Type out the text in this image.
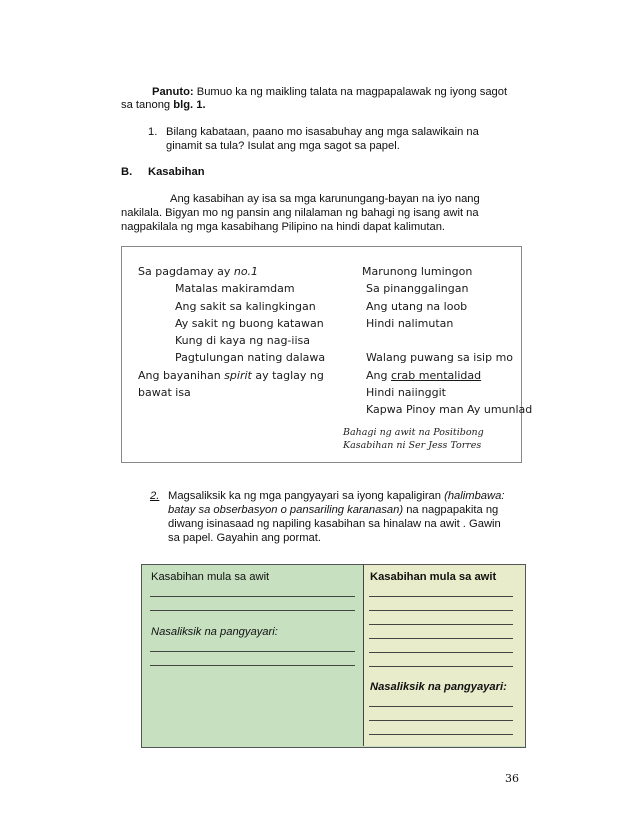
Panuto: Bumuo ka ng maikling talata na magpapalawak ng iyong sagot
sa tanong blg. 1.
1. Bilang kabataan, paano mo isasabuhay ang mga salawikain na
ginamit sa tula? Isulat ang mga sagot sa papel.
B. Kasabihan
Ang kasabihan ay isa sa mga karunungang-bayan na iyo nang
nakilala. Bigyan mo ng pansin ang nilalaman ng bahagi ng isang awit na
nagpakilala ng mga kasabihang Pilipino na hindi dapat kalimutan.
Sa pagdamay ay no.1
Matalas makiramdam
Ang sakit sa kalingkingan
Ay sakit ng buong katawan
Kung di kaya ng nag-iisa
Pagtulungan nating dalawa
Ang bayanihan spirit ay taglay ng
bawat isa
Marunong lumingon
Sa pinanggalingan
Ang utang na loob
Hindi nalimutan
Walang puwang sa isip mo
Ang crab mentalidad
Hindi naiinggit
Kapwa Pinoy man Ay umunlad
Bahagi ng awit na Positibong
Kasabihan ni Ser Jess Torres
2. Magsaliksik ka ng mga pangyayari sa iyong kapaligiran (halimbawa:
batay sa obserbasyon o pansariling karanasan) na nagpapakita ng
diwang isinasaad ng napiling kasabihan sa hinalaw na awit . Gawin
sa papel. Gayahin ang pormat.
Kasabihan mula sa awit
Nasaliksik na pangyayari:
Kasabihan mula sa awit
Nasaliksik na pangyayari:
36
